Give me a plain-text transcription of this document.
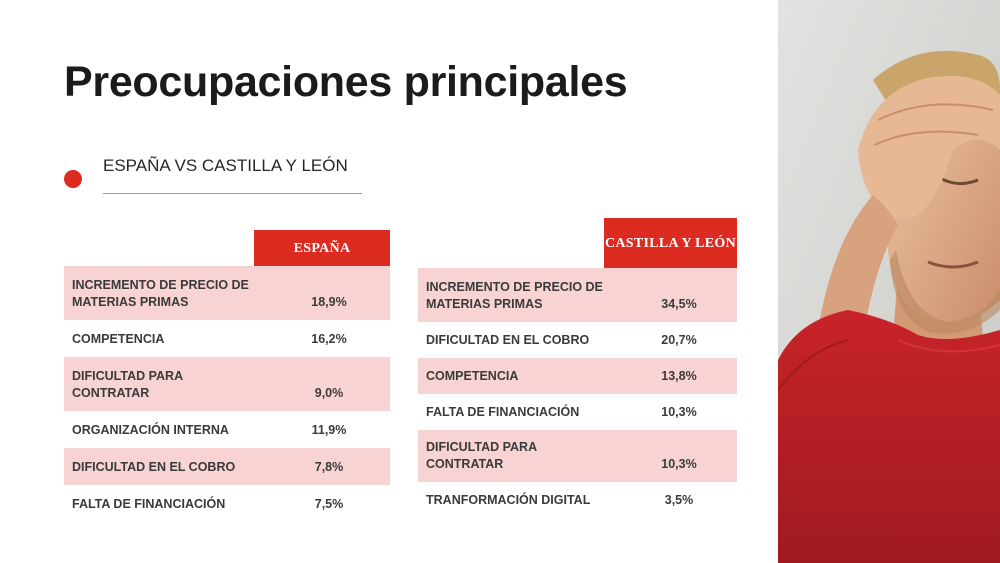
Preocupaciones principales
ESPAÑA VS CASTILLA Y LEÓN
ESPAÑA
INCREMENTO DE PRECIO DE MATERIAS PRIMAS	18,9%
COMPETENCIA	16,2%
DIFICULTAD PARA CONTRATAR	9,0%
ORGANIZACIÓN INTERNA	11,9%
DIFICULTAD EN EL COBRO	7,8%
FALTA DE FINANCIACIÓN	7,5%
CASTILLA Y LEÓN
INCREMENTO DE PRECIO DE MATERIAS PRIMAS	34,5%
DIFICULTAD EN EL COBRO	20,7%
COMPETENCIA	13,8%
FALTA DE FINANCIACIÓN	10,3%
DIFICULTAD PARA CONTRATAR	10,3%
TRANFORMACIÓN DIGITAL	3,5%
